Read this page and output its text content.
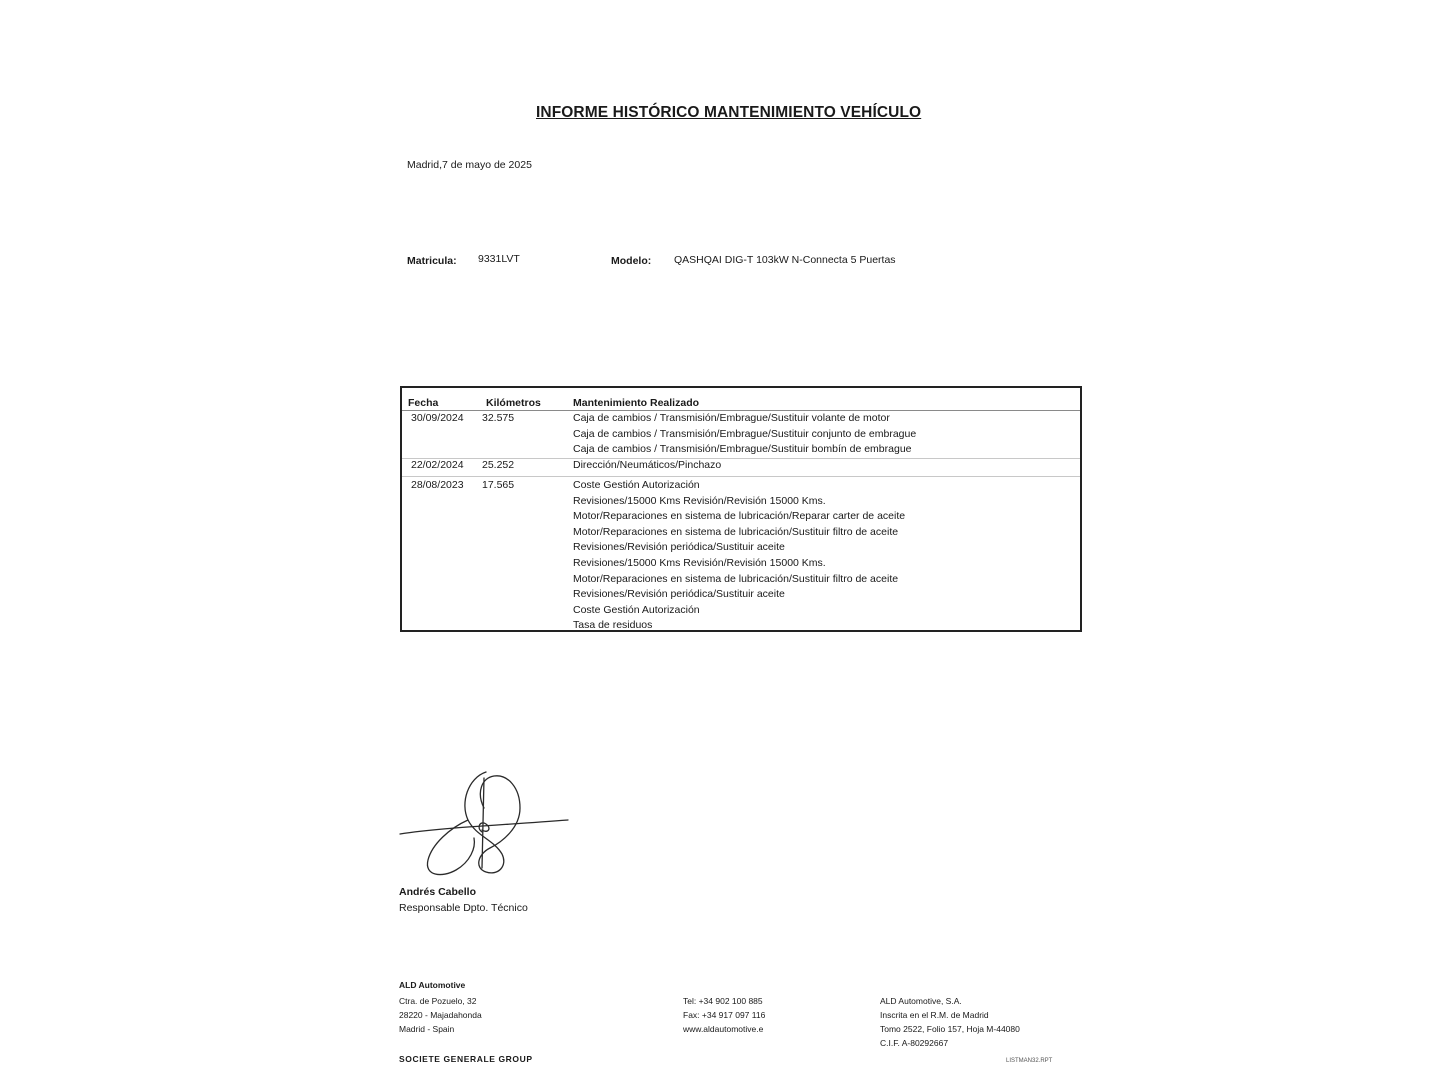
INFORME HISTÓRICO MANTENIMIENTO VEHÍCULO
Madrid,7 de mayo de 2025
Matricula: 9331LVT	Modelo: QASHQAI DIG-T 103kW N-Connecta 5 Puertas
Fecha	Kilómetros	Mantenimiento Realizado
30/09/2024 32.575	Caja de cambios / Transmisión/Embrague/Sustituir volante de motor
Caja de cambios / Transmisión/Embrague/Sustituir conjunto de embrague
Caja de cambios / Transmisión/Embrague/Sustituir bombín de embrague
22/02/2024 25.252	Dirección/Neumáticos/Pinchazo
28/08/2023 17.565	Coste Gestión Autorización
Revisiones/15000 Kms Revisión/Revisión 15000 Kms.
Motor/Reparaciones en sistema de lubricación/Reparar carter de aceite
Motor/Reparaciones en sistema de lubricación/Sustituir filtro de aceite
Revisiones/Revisión periódica/Sustituir aceite
Revisiones/15000 Kms Revisión/Revisión 15000 Kms.
Motor/Reparaciones en sistema de lubricación/Sustituir filtro de aceite
Revisiones/Revisión periódica/Sustituir aceite
Coste Gestión Autorización
Tasa de residuos
Andrés Cabello
Responsable Dpto. Técnico
ALD Automotive
Ctra. de Pozuelo, 32
28220 - Majadahonda
Madrid - Spain
Tel: +34 902 100 885
Fax: +34 917 097 116
www.aldautomotive.e
ALD Automotive, S.A.
Inscrita en el R.M. de Madrid
Tomo 2522, Folio 157, Hoja M-44080
C.I.F. A-80292667
SOCIETE GENERALE GROUP	LISTMAN32.RPT
